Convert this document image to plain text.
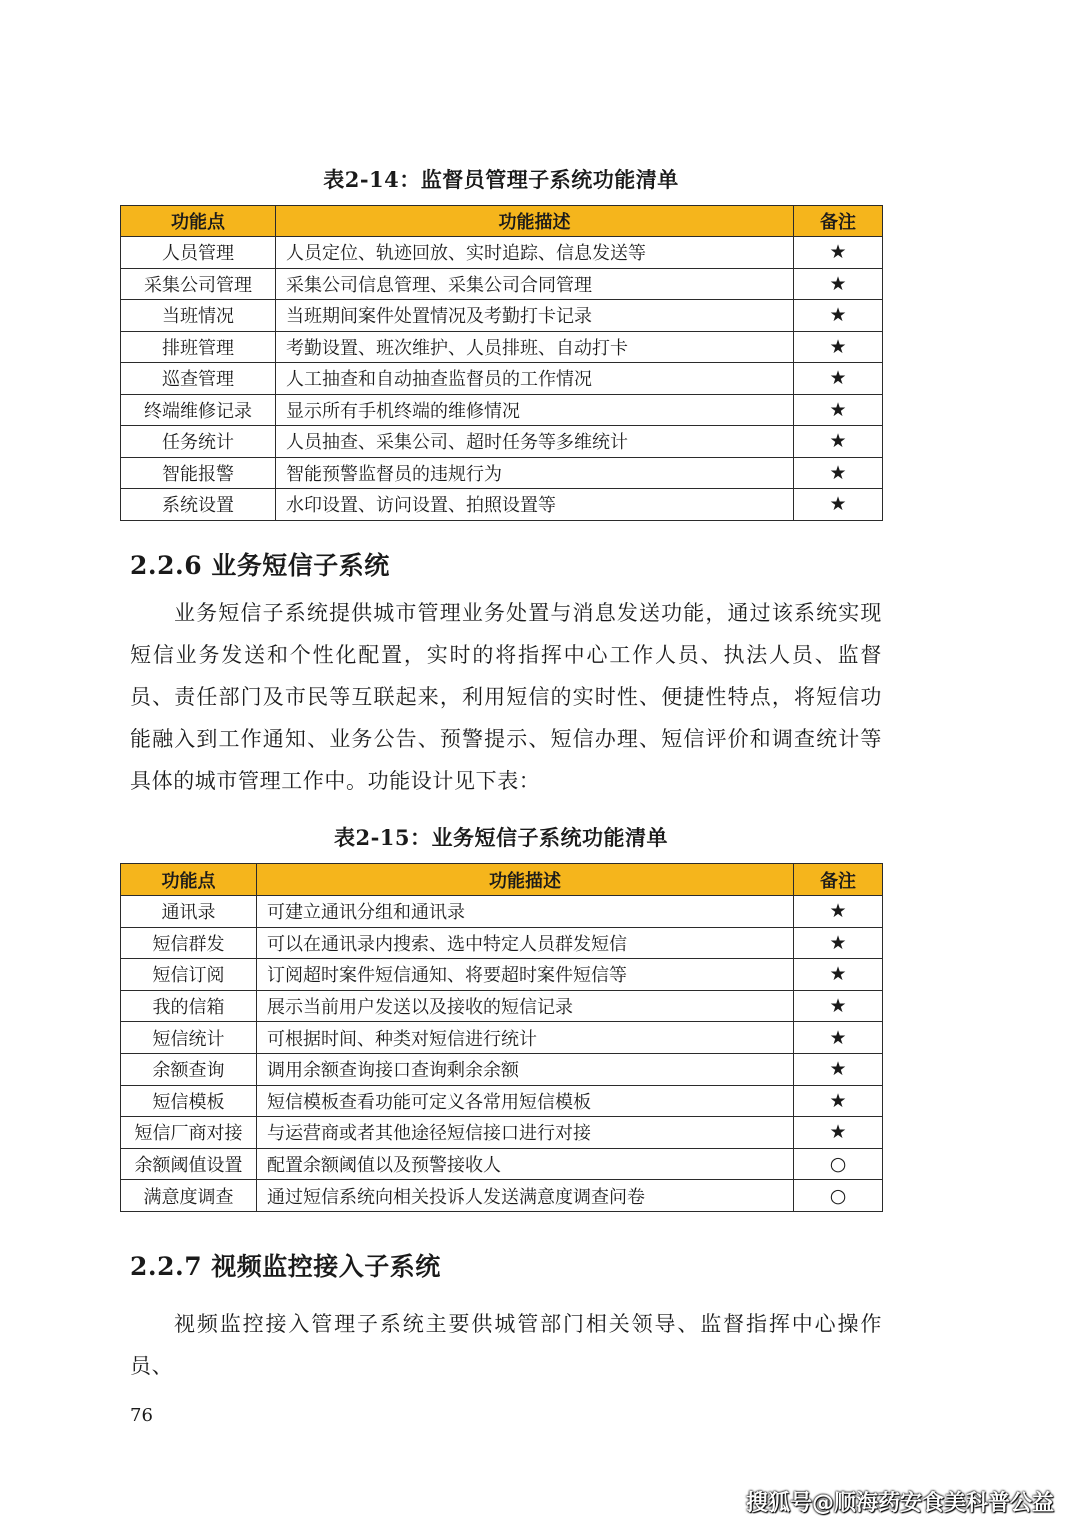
表2-14：监督员管理子系统功能清单
功能点	功能描述	备注
人员管理	人员定位、轨迹回放、实时追踪、信息发送等	★
采集公司管理	采集公司信息管理、采集公司合同管理	★
当班情况	当班期间案件处置情况及考勤打卡记录	★
排班管理	考勤设置、班次维护、人员排班、自动打卡	★
巡查管理	人工抽查和自动抽查监督员的工作情况	★
终端维修记录	显示所有手机终端的维修情况	★
任务统计	人员抽查、采集公司、超时任务等多维统计	★
智能报警	智能预警监督员的违规行为	★
系统设置	水印设置、访问设置、拍照设置等	★
2.2.6 业务短信子系统

业务短信子系统提供城市管理业务处置与消息发送功能，通过该系统实现短信业务发送和个性化配置，实时的将指挥中心工作人员、执法人员、监督员、责任部门及市民等互联起来，利用短信的实时性、便捷性特点，将短信功能融入到工作通知、业务公告、预警提示、短信办理、短信评价和调查统计等具体的城市管理工作中。功能设计见下表：

表2-15：业务短信子系统功能清单
功能点	功能描述	备注
通讯录	可建立通讯分组和通讯录	★
短信群发	可以在通讯录内搜索、选中特定人员群发短信	★
短信订阅	订阅超时案件短信通知、将要超时案件短信等	★
我的信箱	展示当前用户发送以及接收的短信记录	★
短信统计	可根据时间、种类对短信进行统计	★
余额查询	调用余额查询接口查询剩余余额	★
短信模板	短信模板查看功能可定义各常用短信模板	★
短信厂商对接	与运营商或者其他途径短信接口进行对接	★
余额阈值设置	配置余额阈值以及预警接收人	○
满意度调查	通过短信系统向相关投诉人发送满意度调查问卷	○
2.2.7 视频监控接入子系统

视频监控接入管理子系统主要供城管部门相关领导、监督指挥中心操作员、

76
搜狐号@顺海药安食美科普公益
